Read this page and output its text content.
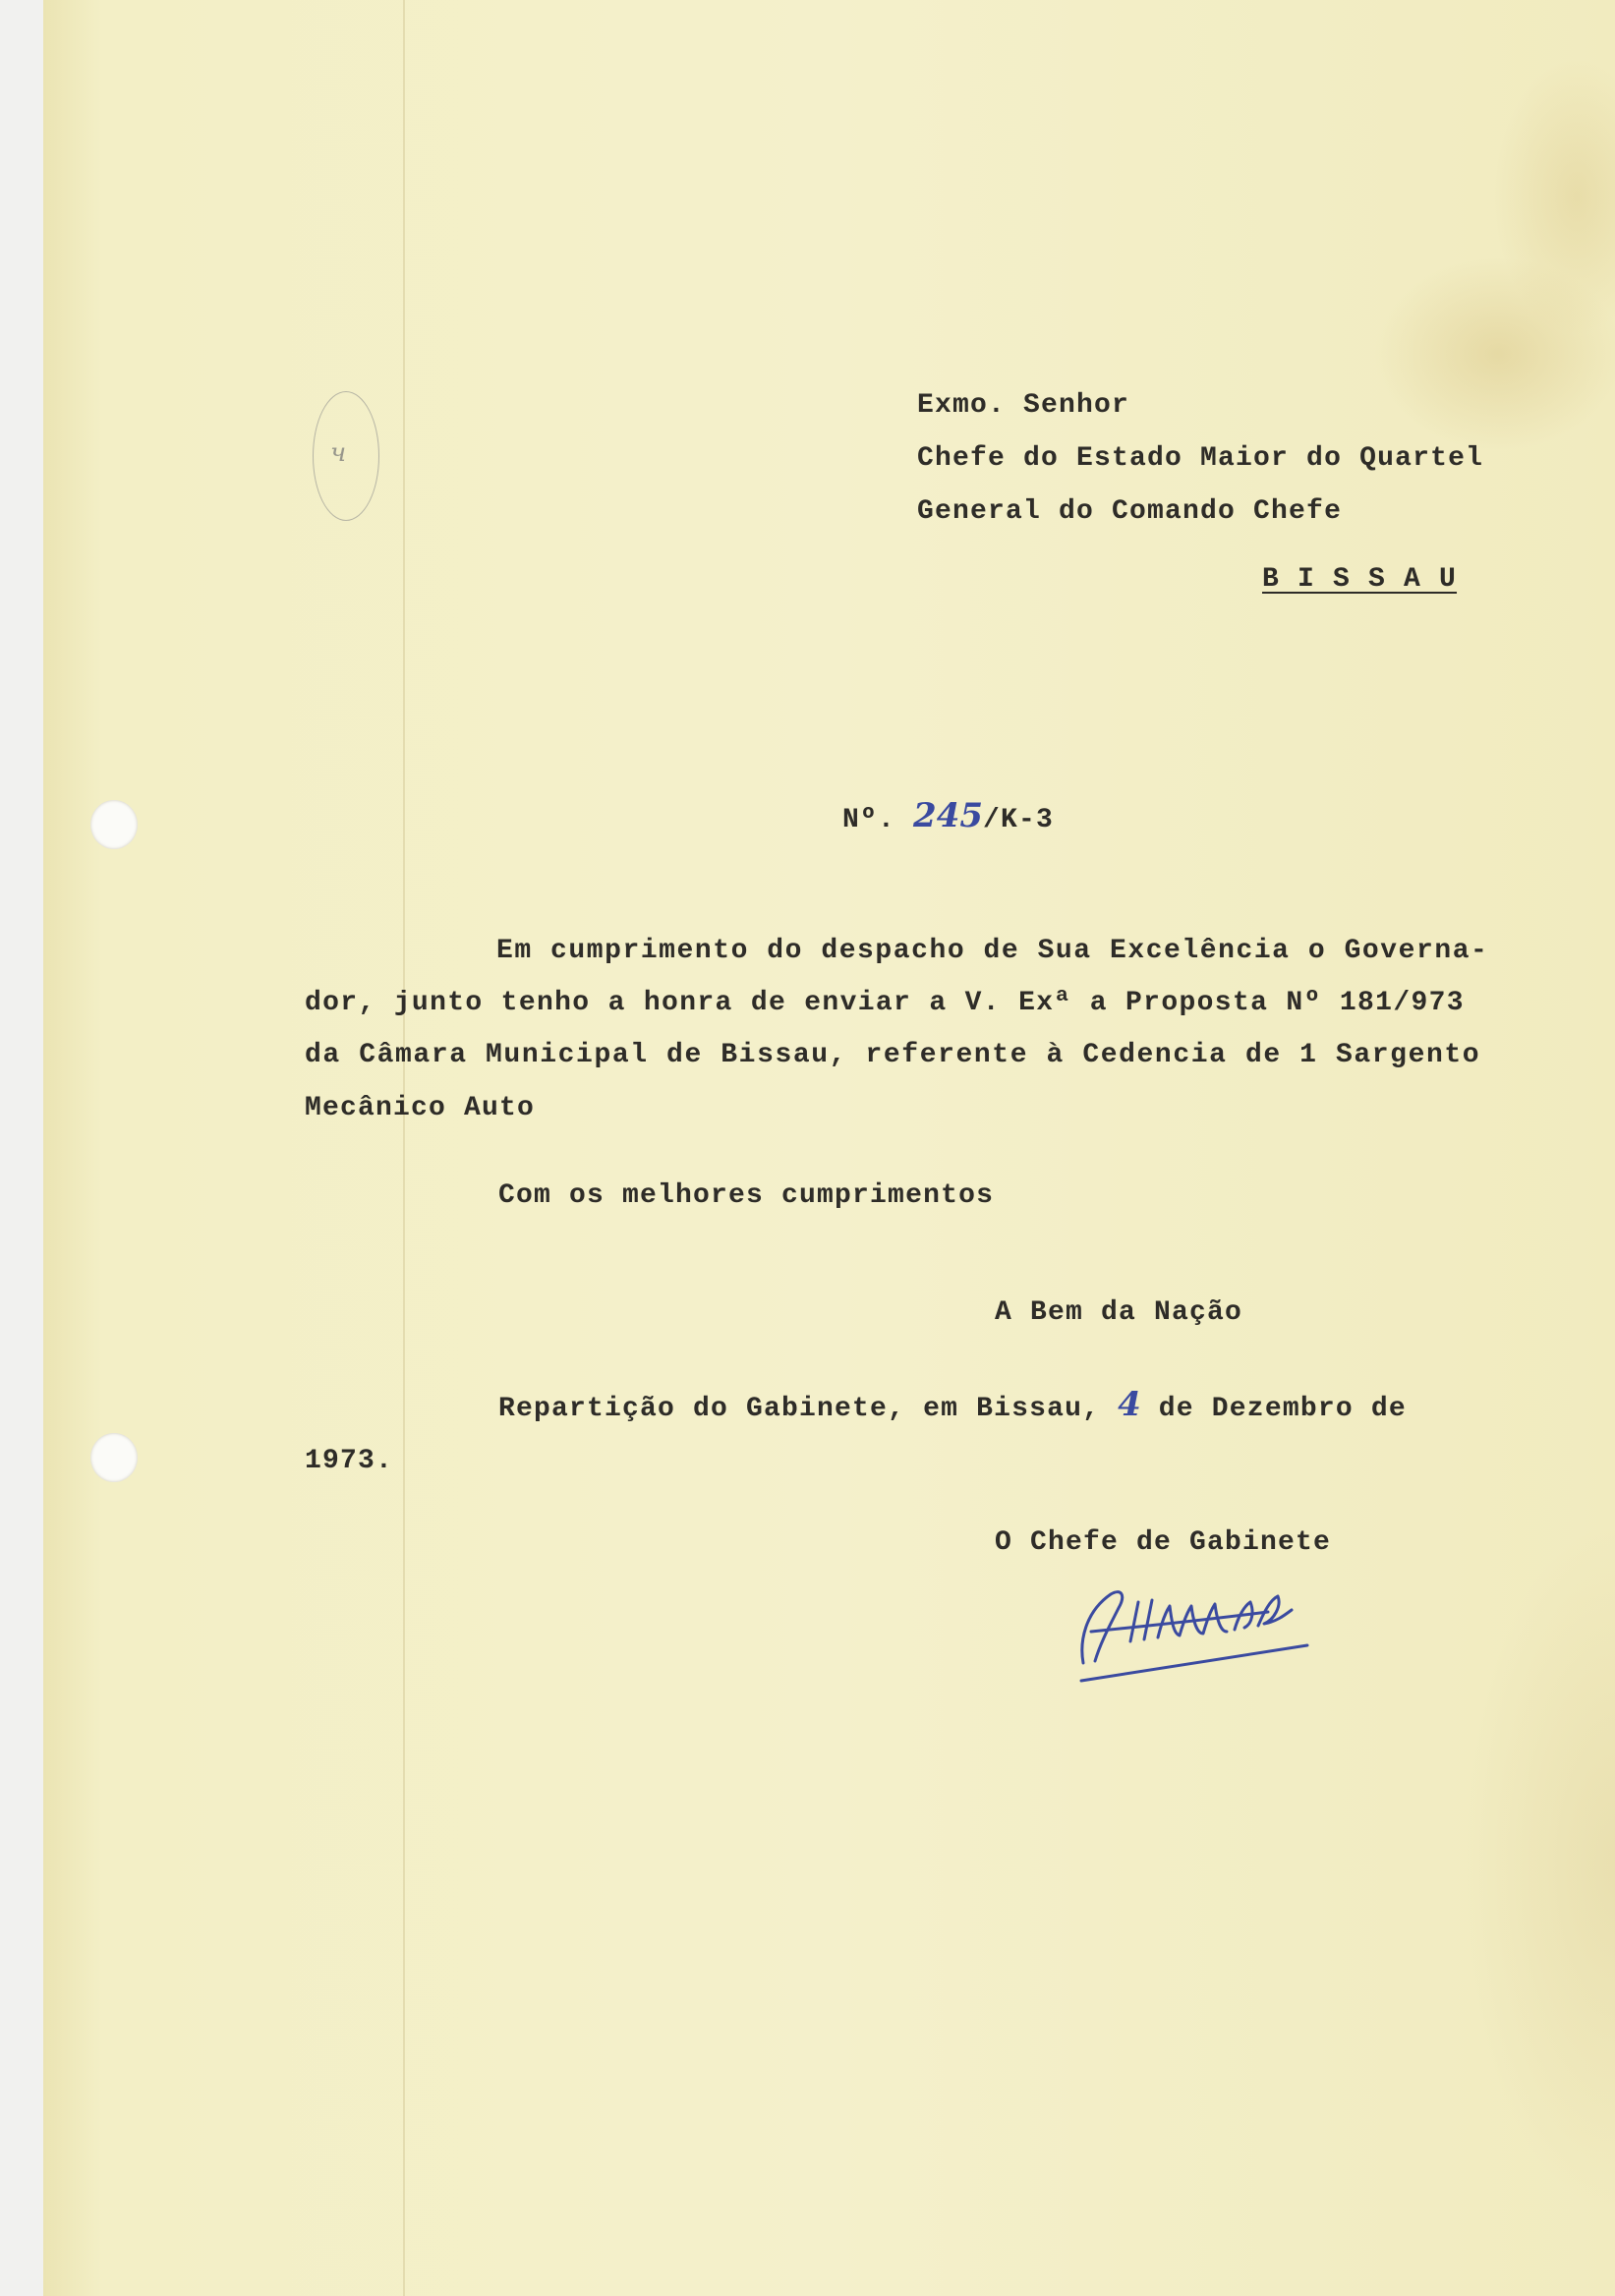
ч

Exmo. Senhor

Chefe do Estado Maior do Quartel

General do Comando Chefe

B I S S A U

Nº. 245/K-3

Em cumprimento do despacho de Sua Excelência o Governa-

dor, junto tenho a honra de enviar a V. Exª a Proposta Nº 181/973

da Câmara Municipal de Bissau, referente à Cedencia de 1 Sargento

Mecânico Auto

Com os melhores cumprimentos

A Bem da Nação

Repartição do Gabinete, em Bissau, 4 de Dezembro de

1973.

O Chefe de Gabinete
